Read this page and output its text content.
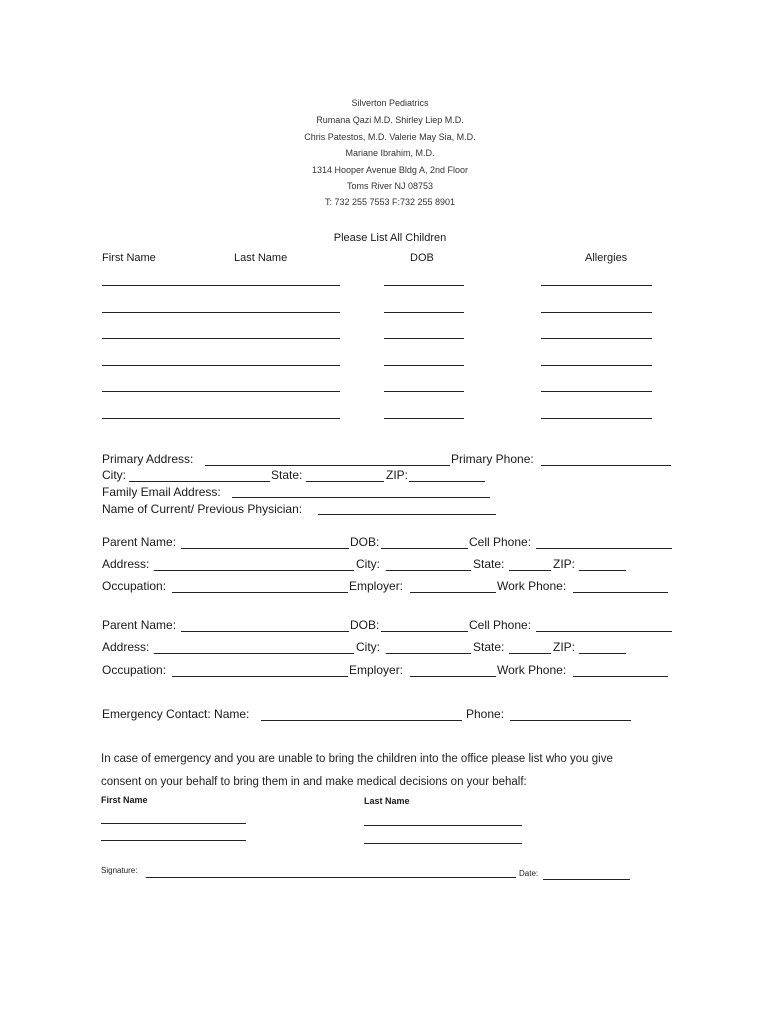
Silverton Pediatrics
Rumana Qazi M.D. Shirley Liep M.D.
Chris Patestos, M.D. Valerie May Sia, M.D.
Mariane Ibrahim, M.D.
1314 Hooper Avenue Bldg A, 2nd Floor
Toms River NJ 08753
T: 732 255 7553 F:732 255 8901
Please List All Children
First Name	Last Name	DOB	Allergies
Primary Address:	Primary Phone:
City:	State:	ZIP:
Family Email Address:
Name of Current/ Previous Physician:
Parent Name:	DOB:	Cell Phone:
Address:	City:	State:	ZIP:
Occupation:	Employer:	Work Phone:
Parent Name:	DOB:	Cell Phone:
Address:	City:	State:	ZIP:
Occupation:	Employer:	Work Phone:
Emergency Contact: Name:	Phone:
In case of emergency and you are unable to bring the children into the office please list who you give
consent on your behalf to bring them in and make medical decisions on your behalf:
First Name	Last Name
Signature:	Date:
